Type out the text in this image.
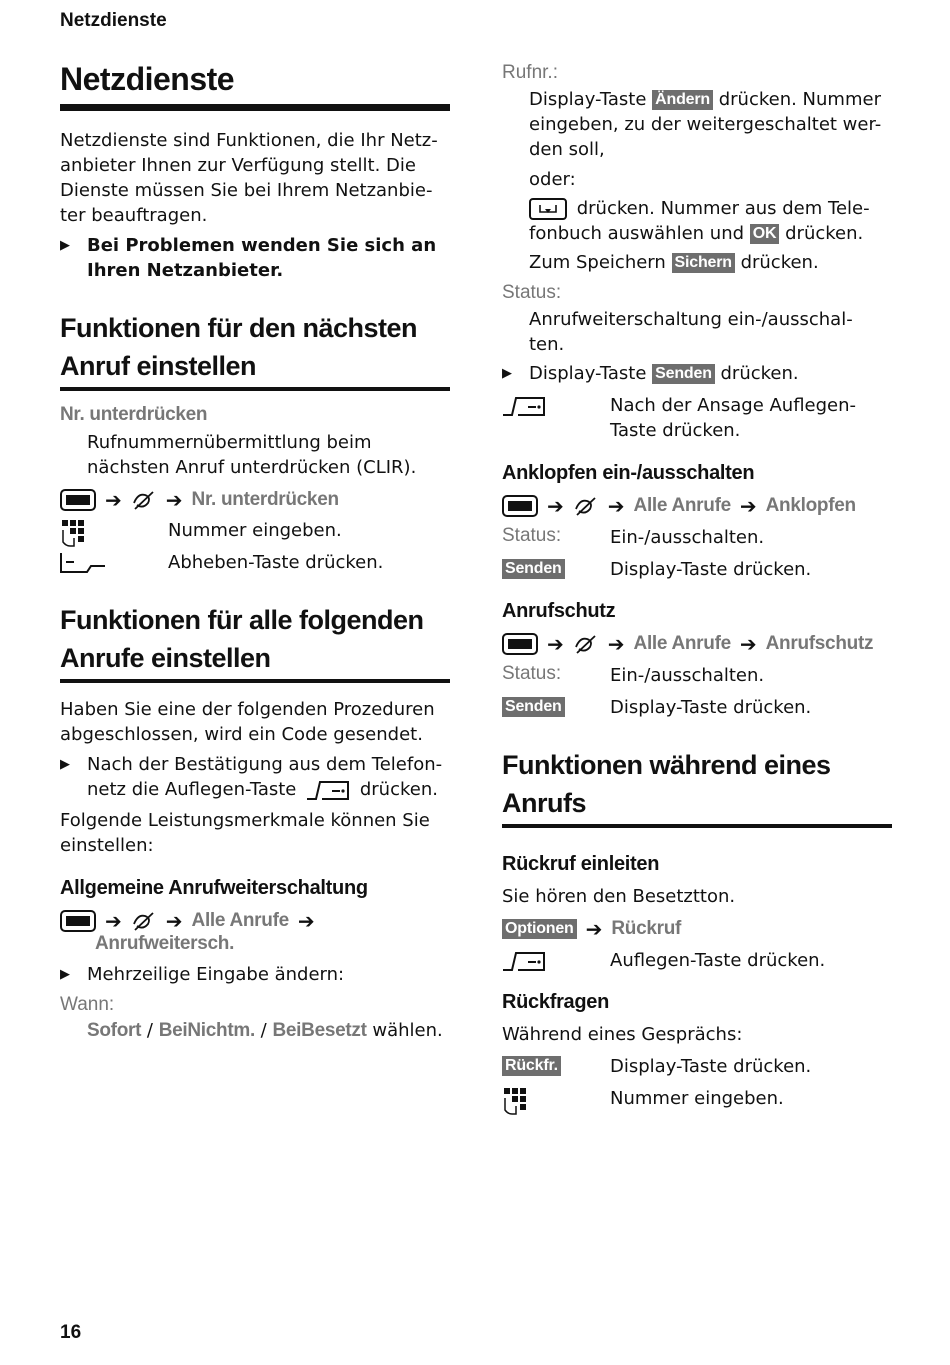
Netzdienste
16
Netzdienste
Netzdienste sind Funktionen, die Ihr Netz-
anbieter Ihnen zur Verfügung stellt. Die
Dienste müssen Sie bei Ihrem Netzanbie-
ter beauftragen.
▶ Bei Problemen wenden Sie sich an
Ihren Netzanbieter.
Funktionen für den nächsten
Anruf einstellen
Nr. unterdrücken
Rufnummernübermittlung beim
nächsten Anruf unterdrücken (CLIR).
➔ ➔ Nr. unterdrücken
Nummer eingeben.
Abheben-Taste drücken.
Funktionen für alle folgenden
Anrufe einstellen
Haben Sie eine der folgenden Prozeduren
abgeschlossen, wird ein Code gesendet.
▶ Nach der Bestätigung aus dem Telefon-
netz die Auflegen-Taste	drücken.
Folgende Leistungsmerkmale können Sie
einstellen:
Allgemeine Anrufweiterschaltung
➔ ➔ Alle Anrufe ➔
Anrufweitersch.
▶ Mehrzeilige Eingabe ändern:
Wann:
Sofort / BeiNichtm. / BeiBesetzt wählen.
Rufnr.:
Display-Taste Ändern drücken. Nummer
eingeben, zu der weitergeschaltet wer-
den soll,
oder:
drücken. Nummer aus dem Tele-
fonbuch auswählen und OK drücken.
Zum Speichern Sichern drücken.
Status:
Anrufweiterschaltung ein-/ausschal-
ten.
▶ Display-Taste Senden drücken.
Nach der Ansage Auflegen-
Taste drücken.
Anklopfen ein-/ausschalten
➔ ➔ Alle Anrufe ➔ Anklopfen
Status:	Ein-/ausschalten.
Senden	Display-Taste drücken.
Anrufschutz
➔ ➔ Alle Anrufe ➔ Anrufschutz
Status:	Ein-/ausschalten.
Senden	Display-Taste drücken.
Funktionen während eines
Anrufs
Rückruf einleiten
Sie hören den Besetztton.
Optionen ➔ Rückruf
Auflegen-Taste drücken.
Rückfragen
Während eines Gesprächs:
Rückfr.	Display-Taste drücken.
Nummer eingeben.
